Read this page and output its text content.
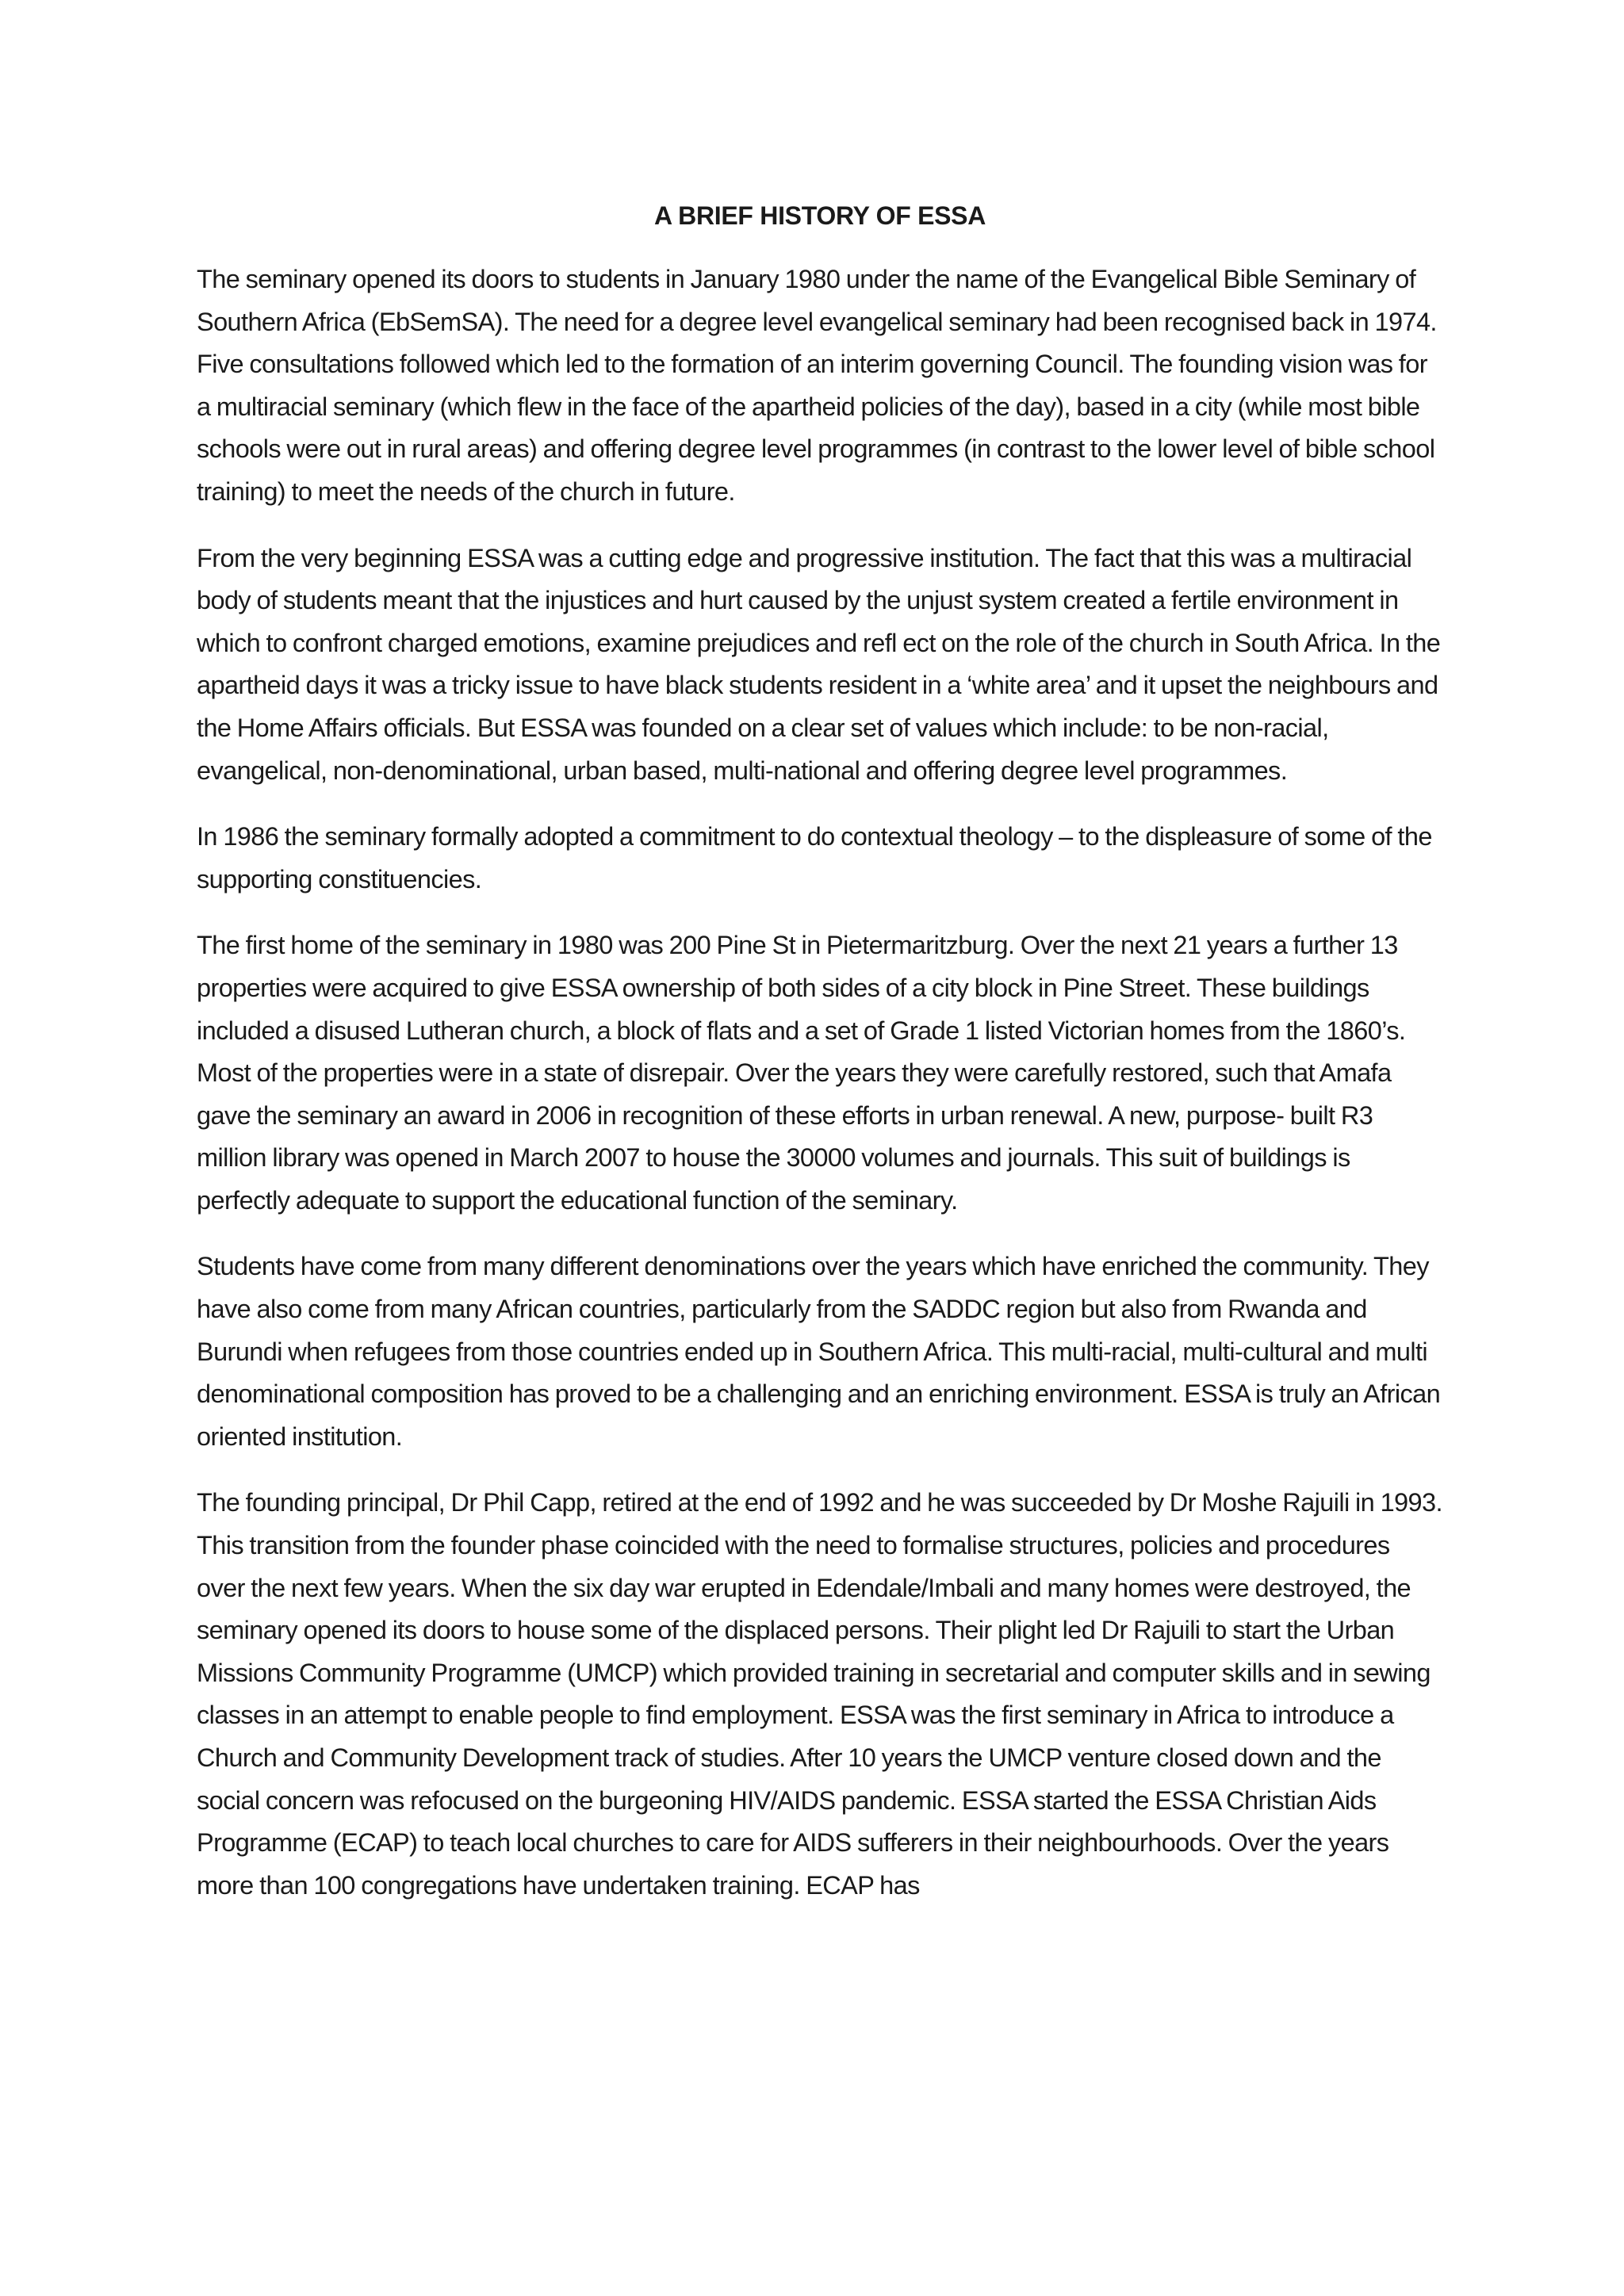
A BRIEF HISTORY OF ESSA

The seminary opened its doors to students in January 1980 under the name of the Evangelical Bible Seminary of Southern Africa (EbSemSA). The need for a degree level evangelical seminary had been recognised back in 1974. Five consultations followed which led to the formation of an interim governing Council. The founding vision was for a multiracial seminary (which flew in the face of the apartheid policies of the day), based in a city (while most bible schools were out in rural areas) and offering degree level programmes (in contrast to the lower level of bible school training) to meet the needs of the church in future.

From the very beginning ESSA was a cutting edge and progressive institution. The fact that this was a multiracial body of students meant that the injustices and hurt caused by the unjust system created a fertile environment in which to confront charged emotions, examine prejudices and refl ect on the role of the church in South Africa. In the apartheid days it was a tricky issue to have black students resident in a ‘white area’ and it upset the neighbours and the Home Affairs officials. But ESSA was founded on a clear set of values which include: to be non-racial, evangelical, non-denominational, urban based, multi-national and offering degree level programmes.

In 1986 the seminary formally adopted a commitment to do contextual theology – to the displeasure of some of the supporting constituencies.

The first home of the seminary in 1980 was 200 Pine St in Pietermaritzburg. Over the next 21 years a further 13 properties were acquired to give ESSA ownership of both sides of a city block in Pine Street. These buildings included a disused Lutheran church, a block of flats and a set of Grade 1 listed Victorian homes from the 1860’s. Most of the properties were in a state of disrepair. Over the years they were carefully restored, such that Amafa gave the seminary an award in 2006 in recognition of these efforts in urban renewal. A new, purpose- built R3 million library was opened in March 2007 to house the 30000 volumes and journals. This suit of buildings is perfectly adequate to support the educational function of the seminary.

Students have come from many different denominations over the years which have enriched the community. They have also come from many African countries, particularly from the SADDC region but also from Rwanda and Burundi when refugees from those countries ended up in Southern Africa. This multi-racial, multi-cultural and multi denominational composition has proved to be a challenging and an enriching environment. ESSA is truly an African oriented institution.

The founding principal, Dr Phil Capp, retired at the end of 1992 and he was succeeded by Dr Moshe Rajuili in 1993. This transition from the founder phase coincided with the need to formalise structures, policies and procedures over the next few years. When the six day war erupted in Edendale/Imbali and many homes were destroyed, the seminary opened its doors to house some of the displaced persons. Their plight led Dr Rajuili to start the Urban Missions Community Programme (UMCP) which provided training in secretarial and computer skills and in sewing classes in an attempt to enable people to find employment. ESSA was the first seminary in Africa to introduce a Church and Community Development track of studies. After 10 years the UMCP venture closed down and the social concern was refocused on the burgeoning HIV/AIDS pandemic. ESSA started the ESSA Christian Aids Programme (ECAP) to teach local churches to care for AIDS sufferers in their neighbourhoods. Over the years more than 100 congregations have undertaken training. ECAP has
